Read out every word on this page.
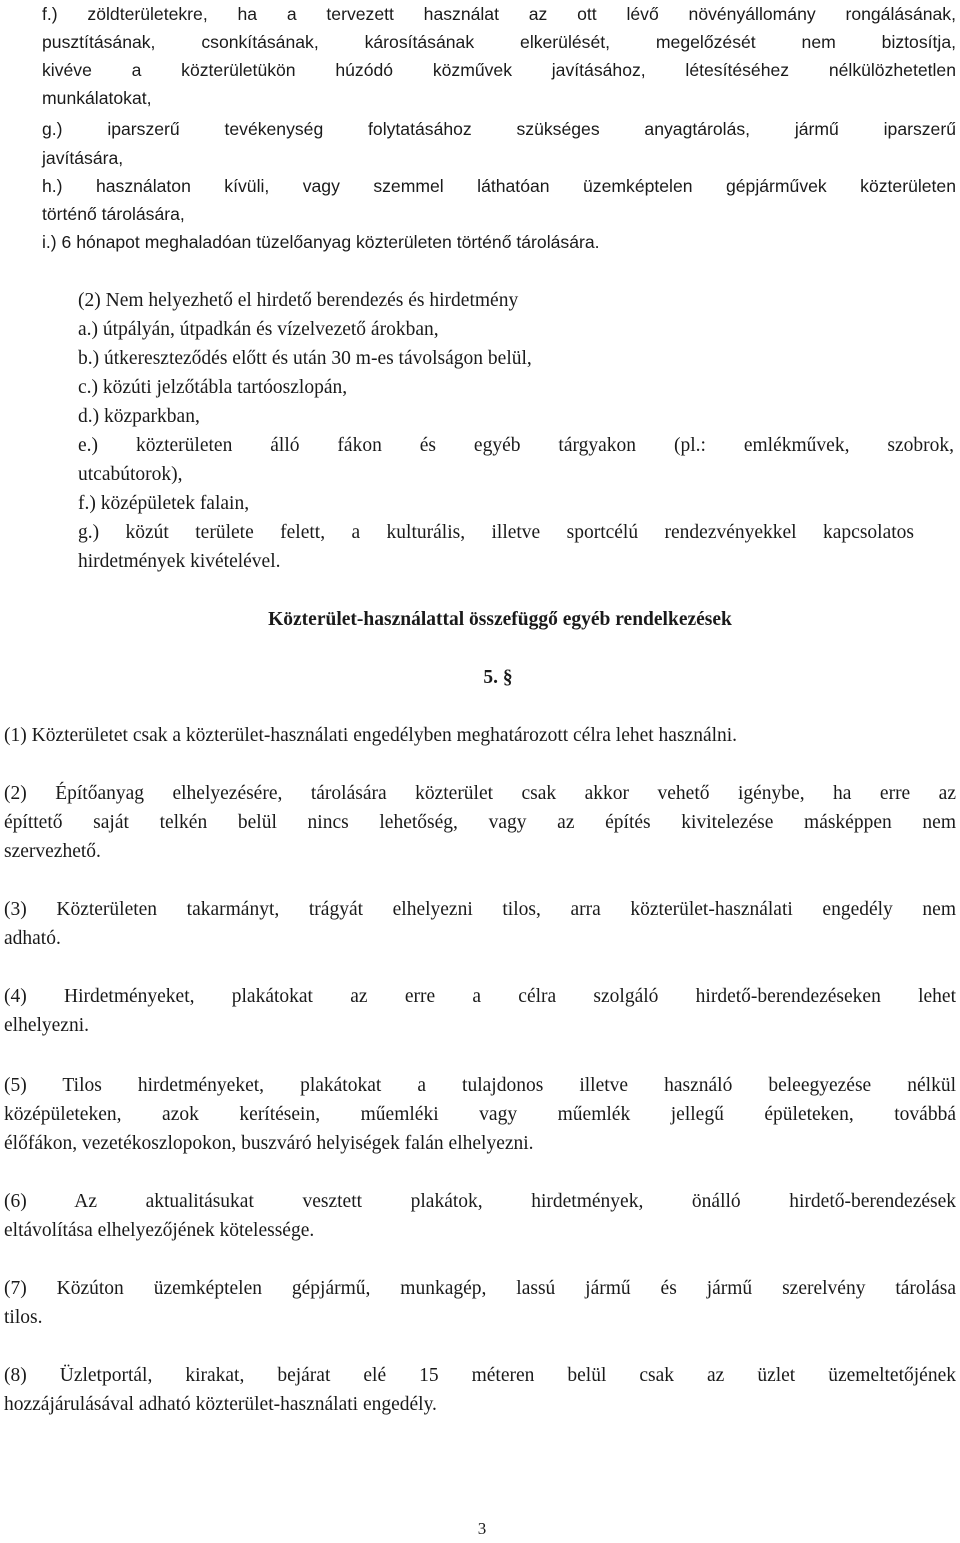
f.) zöldterületekre, ha a tervezett használat az ott lévő növényállomány rongálásának,
pusztításának, csonkításának, károsításának elkerülését, megelőzését nem biztosítja,
kivéve a közterületükön húzódó közművek javításához, létesítéséhez nélkülözhetetlen
munkálatokat,
g.) iparszerű tevékenység folytatásához szükséges anyagtárolás, jármű iparszerű
javítására,
h.) használaton kívüli, vagy szemmel láthatóan üzemképtelen gépjárművek közterületen
történő tárolására,
i.) 6 hónapot meghaladóan tüzelőanyag közterületen történő tárolására.
(2) Nem helyezhető el hirdető berendezés és hirdetmény
a.) útpályán, útpadkán és vízelvezető árokban,
b.) útkereszteződés előtt és után 30 m-es távolságon belül,
c.) közúti jelzőtábla tartóoszlopán,
d.) közparkban,
e.) közterületen álló fákon és egyéb tárgyakon (pl.: emlékművek, szobrok,
utcabútorok),
f.) középületek falain,
g.) közút területe felett, a kulturális, illetve sportcélú rendezvényekkel kapcsolatos
hirdetmények kivételével.
Közterület-használattal összefüggő egyéb rendelkezések
5. §
(1) Közterületet csak a közterület-használati engedélyben meghatározott célra lehet használni.
(2) Építőanyag elhelyezésére, tárolására közterület csak akkor vehető igénybe, ha erre az
építtető saját telkén belül nincs lehetőség, vagy az építés kivitelezése másképpen nem
szervezhető.
(3) Közterületen takarmányt, trágyát elhelyezni tilos, arra közterület-használati engedély nem
adható.
(4) Hirdetményeket, plakátokat az erre a célra szolgáló hirdető-berendezéseken lehet
elhelyezni.
(5) Tilos hirdetményeket, plakátokat a tulajdonos illetve használó beleegyezése nélkül
középületeken, azok kerítésein, műemléki vagy műemlék jellegű épületeken, továbbá
élőfákon, vezetékoszlopokon, buszváró helyiségek falán elhelyezni.
(6) Az aktualitásukat vesztett plakátok, hirdetmények, önálló hirdető-berendezések
eltávolítása elhelyezőjének kötelessége.
(7) Közúton üzemképtelen gépjármű, munkagép, lassú jármű és jármű szerelvény tárolása
tilos.
(8) Üzletportál, kirakat, bejárat elé 15 méteren belül csak az üzlet üzemeltetőjének
hozzájárulásával adható közterület-használati engedély.
3
